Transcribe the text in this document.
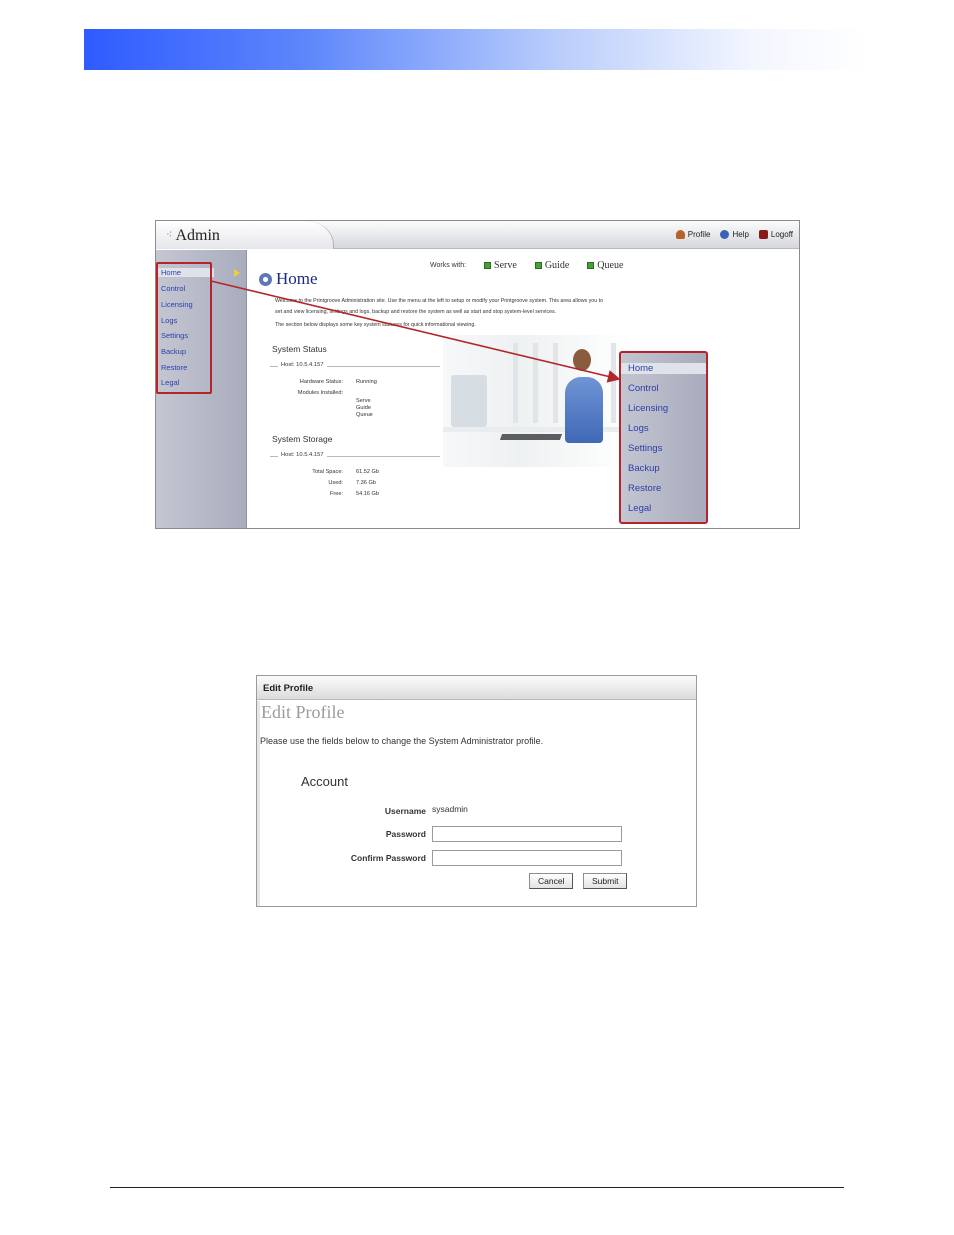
⁖ Admin	Profile	Help	Logoff
Home
Control
Licensing
Logs
Settings
Backup
Restore
Legal
Works with:	Serve	Guide	Queue
Home
Welcome to the Printgroove Administration site. Use the menu at the left to setup or modify your Printgroove system. This area allows you to
set and view licensing, settings and logs, backup and restore the system as well as start and stop system-level services.
The section below displays some key system statuses for quick informational viewing.
System Status
Host: 10.5.4.157
Hardware Status: Running
Modules Installed:
Serve
Guide
Queue
System Storage
Host: 10.5.4.157
Total Space: 61.52 Gb
Used: 7.36 Gb
Free: 54.16 Gb
Home
Control
Licensing
Logs
Settings
Backup
Restore
Legal
Edit Profile
Edit Profile
Please use the fields below to change the System Administrator profile.
Account
Username sysadmin
Password
Confirm Password
Cancel	Submit
